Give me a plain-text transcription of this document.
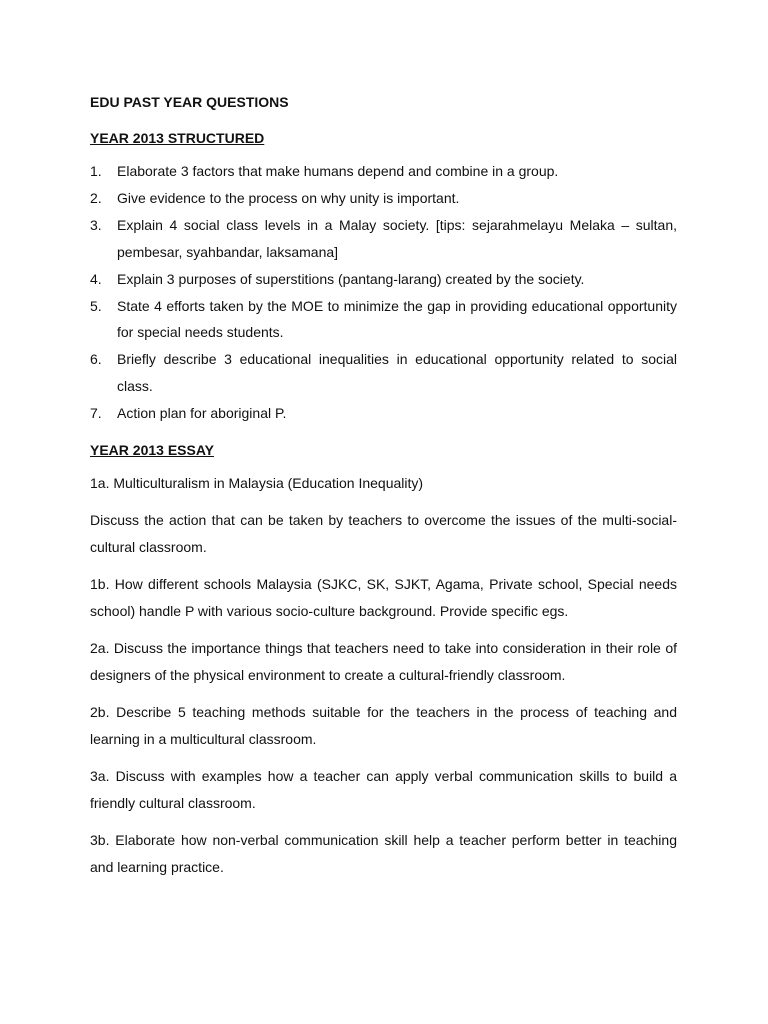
EDU PAST YEAR QUESTIONS
YEAR 2013 STRUCTURED
1.	Elaborate 3 factors that make humans depend and combine in a group.
2.	Give evidence to the process on why unity is important.
3.	Explain 4 social class levels in a Malay society. [tips: sejarahmelayu Melaka – sultan, pembesar, syahbandar, laksamana]
4.	Explain 3 purposes of superstitions (pantang-larang) created by the society.
5.	State 4 efforts taken by the MOE to minimize the gap in providing educational opportunity for special needs students.
6.	Briefly describe 3 educational inequalities in educational opportunity related to social class.
7.	Action plan for aboriginal P.
YEAR 2013 ESSAY

1a. Multiculturalism in Malaysia (Education Inequality)

Discuss the action that can be taken by teachers to overcome the issues of the multi-social-cultural classroom.

1b. How different schools Malaysia (SJKC, SK, SJKT, Agama, Private school, Special needs school) handle P with various socio-culture background. Provide specific egs.

2a. Discuss the importance things that teachers need to take into consideration in their role of designers of the physical environment to create a cultural-friendly classroom.

2b. Describe 5 teaching methods suitable for the teachers in the process of teaching and learning in a multicultural classroom.

3a. Discuss with examples how a teacher can apply verbal communication skills to build a friendly cultural classroom.

3b. Elaborate how non-verbal communication skill help a teacher perform better in teaching and learning practice.
